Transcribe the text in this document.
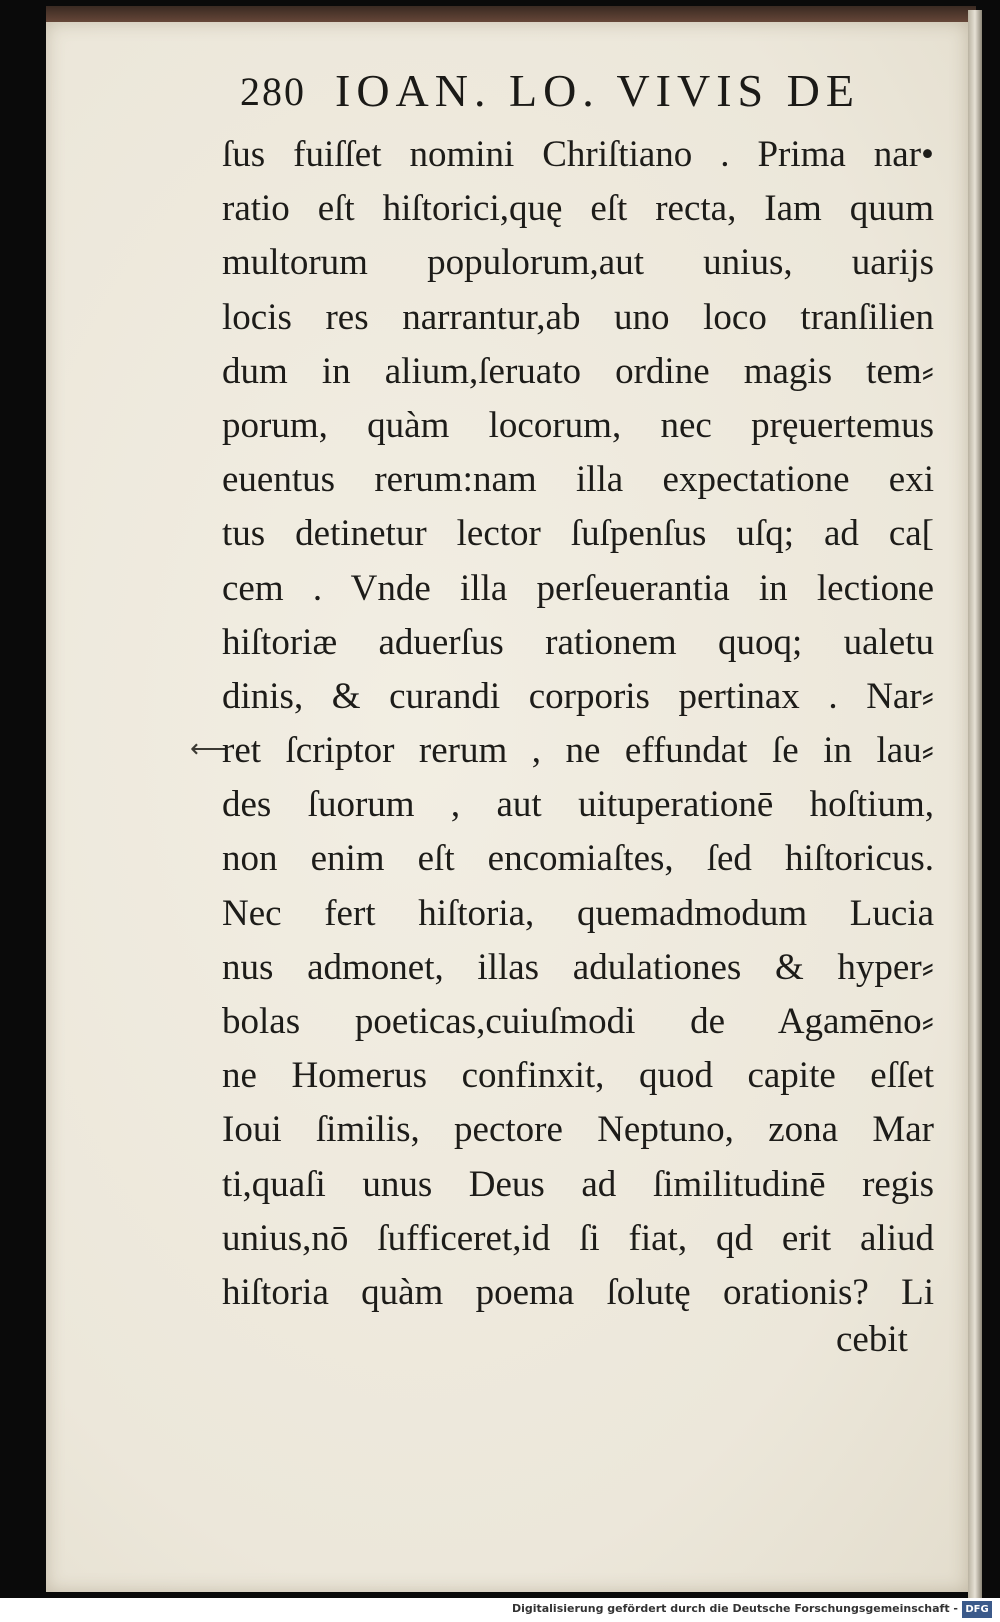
280 IOAN. LO. VIVIS DE
⟵
ſus fuiſſet nomini Chriſtiano . Prima nar•
ratio eſt hiſtorici,quę eſt recta, Iam quum
multorum populorum,aut unius, uarijs
locis res narrantur,ab uno loco tranſilien
dum in alium,ſeruato ordine magis tem⸗
porum, quàm locorum, nec pręuertemus
euentus rerum:nam illa expectatione exi
tus detinetur lector ſuſpenſus uſq; ad ca[
cem . Vnde illa perſeuerantia in lectione
hiſtoriæ aduerſus rationem quoq; ualetu
dinis, & curandi corporis pertinax . Nar⸗
ret ſcriptor rerum , ne effundat ſe in lau⸗
des ſuorum , aut uituperationē hoſtium,
non enim eſt encomiaſtes, ſed hiſtoricus.
Nec fert hiſtoria, quemadmodum Lucia
nus admonet, illas adulationes & hyper⸗
bolas poeticas,cuiuſmodi de Agamēno⸗
ne Homerus confinxit, quod capite eſſet
Ioui ſimilis, pectore Neptuno, zona Mar
ti,quaſi unus Deus ad ſimilitudinē regis
unius,nō ſufficeret,id ſi fiat, qd erit aliud
hiſtoria quàm poema ſolutę orationis? Li
cebit
Digitalisierung gefördert durch die Deutsche Forschungsgemeinschaft - DFG
